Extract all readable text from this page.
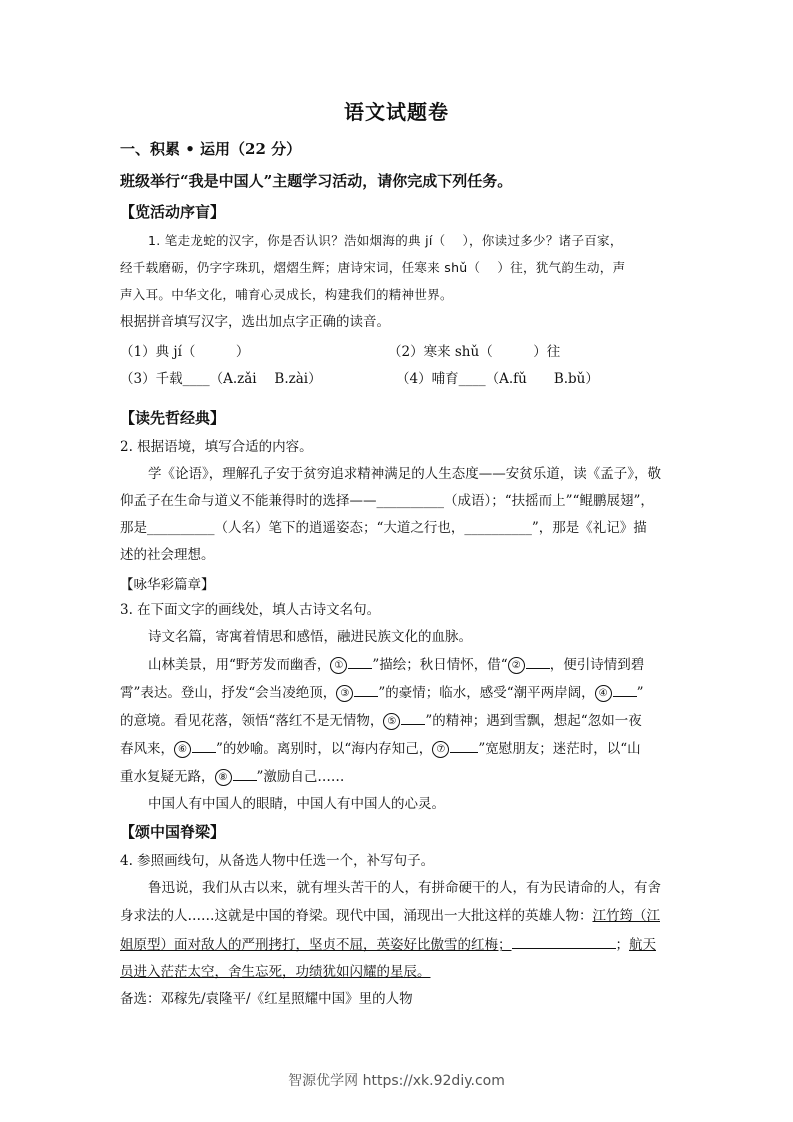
语文试题卷
一、积累 • 运用（22 分）
班级举行“我是中国人”主题学习活动，请你完成下列任务。
【览活动序盲】
1. 笔走龙蛇的汉字，你是否认识？浩如烟海的典 jí（　 ），你读过多少？诸子百家，
经千载磨砺，仍字字珠玑，熠熠生辉；唐诗宋词，任寒来 shǔ（　 ）往，犹气韵生动，声
声入耳。中华文化，哺育心灵成长，构建我们的精神世界。
根据拼音填写汉字，选出加点字正确的读音。
（1）典 jí（　　　）	（2）寒来 shǔ（　　　）往
（3）千载____（A.zǎi　 B.zài）	（4）哺育____（A.fǔ　　B.bǔ）
【读先哲经典】
2. 根据语境，填写合适的内容。
学《论语》，理解孔子安于贫穷追求精神满足的人生态度——安贫乐道，读《孟子》，敬
仰孟子在生命与道义不能兼得时的选择——__________（成语）；“扶摇而上”“鲲鹏展翅”，
那是__________（人名）笔下的逍遥姿态；“大道之行也，__________”，那是《礼记》描
述的社会理想。
【咏华彩篇章】
3. 在下面文字的画线处，填人古诗文名句。
诗文名篇，寄寓着情思和感悟，融进民族文化的血脉。
山林美景，用“野芳发而幽香， ① ”描绘；秋日情怀，借“ ② ，便引诗情到碧
霄”表达。登山，抒发“会当凌绝顶， ③ ”的豪情；临水，感受“潮平两岸阔， ④ ”
的意境。看见花落，领悟“落红不是无情物， ⑤ ”的精神；遇到雪飘，想起“忽如一夜
春风来， ⑥ ”的妙喻。离别时，以“海内存知己， ⑦ ”宽慰朋友；迷茫时，以“山
重水复疑无路， ⑧ ”激励自己……
中国人有中国人的眼睛，中国人有中国人的心灵。
【颂中国脊梁】
4. 参照画线句，从备选人物中任选一个，补写句子。
鲁迅说，我们从古以来，就有埋头苦干的人，有拼命硬干的人，有为民请命的人，有舍
身求法的人……这就是中国的脊梁。现代中国，涌现出一大批这样的英雄人物：江竹筠（江
姐原型）面对敌人的严刑拷打，坚贞不屈，英姿好比傲雪的红梅；	；航天
员进入茫茫太空，舍生忘死，功绩犹如闪耀的星辰。
备选：邓稼先/袁隆平/《红星照耀中国》里的人物
智源优学网 https://xk.92diy.com
